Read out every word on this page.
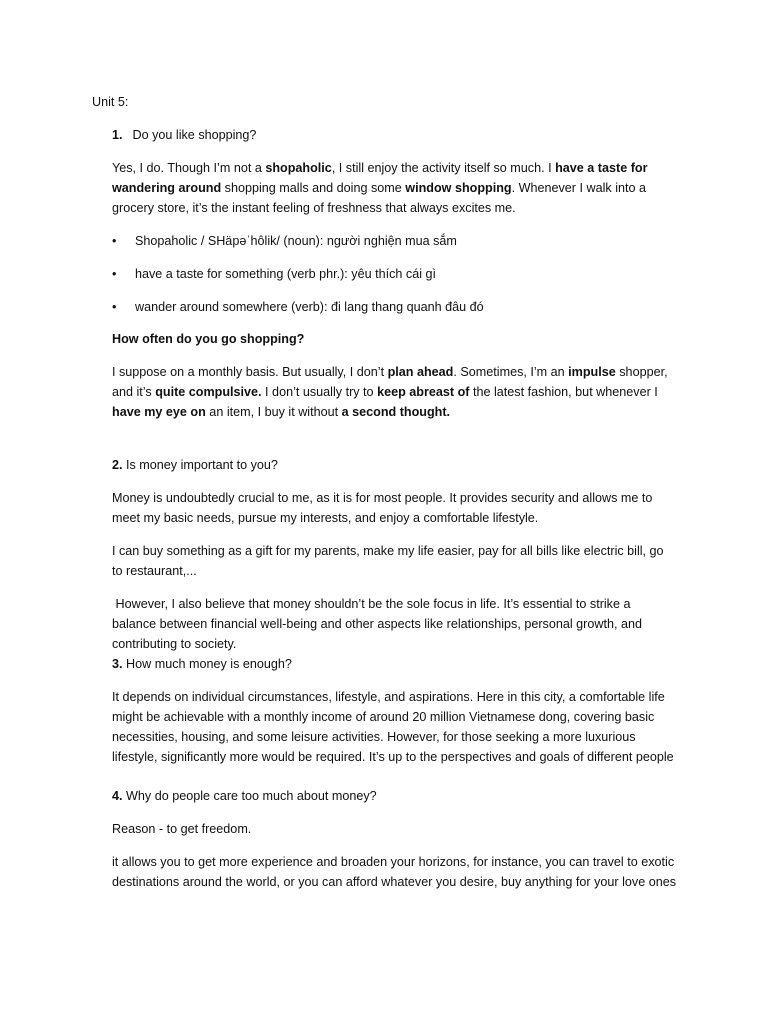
Unit 5:

1. Do you like shopping?

Yes, I do. Though I’m not a shopaholic, I still enjoy the activity itself so much. I have a taste for wandering around shopping malls and doing some window shopping. Whenever I walk into a grocery store, it’s the instant feeling of freshness that always excites me.

• Shopaholic / SHäpəˈhôlik/ (noun): người nghiện mua sắm
• have a taste for something (verb phr.): yêu thích cái gì
• wander around somewhere (verb): đi lang thang quanh đâu đó

How often do you go shopping?

I suppose on a monthly basis. But usually, I don’t plan ahead. Sometimes, I’m an impulse shopper, and it’s quite compulsive. I don’t usually try to keep abreast of the latest fashion, but whenever I have my eye on an item, I buy it without a second thought.

2. Is money important to you?

Money is undoubtedly crucial to me, as it is for most people. It provides security and allows me to meet my basic needs, pursue my interests, and enjoy a comfortable lifestyle.

I can buy something as a gift for my parents, make my life easier, pay for all bills like electric bill, go to restaurant,...

However, I also believe that money shouldn’t be the sole focus in life. It’s essential to strike a balance between financial well-being and other aspects like relationships, personal growth, and contributing to society.

3. How much money is enough?

It depends on individual circumstances, lifestyle, and aspirations. Here in this city, a comfortable life might be achievable with a monthly income of around 20 million Vietnamese dong, covering basic necessities, housing, and some leisure activities. However, for those seeking a more luxurious lifestyle, significantly more would be required. It’s up to the perspectives and goals of different people

4. Why do people care too much about money?

Reason - to get freedom.

it allows you to get more experience and broaden your horizons, for instance, you can travel to exotic destinations around the world, or you can afford whatever you desire, buy anything for your love ones
